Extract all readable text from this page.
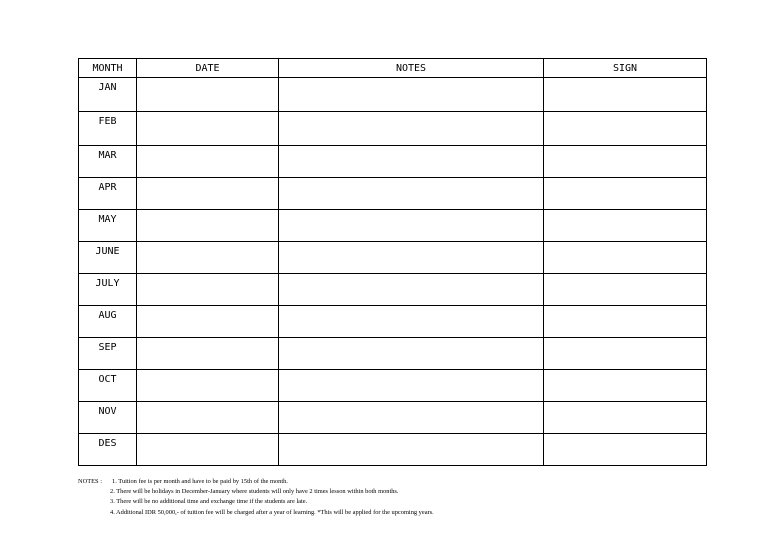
MONTH	DATE	NOTES	SIGN
JAN			
FEB			
MAR			
APR			
MAY			
JUNE			
JULY			
AUG			
SEP			
OCT			
NOV			
DES			
NOTES :	1. Tuition fee is per month and have to be paid by 15th of the month.
2. There will be holidays in December-January where students will only have 2 times lesson within both months.
3. There will be no additional time and exchange time if the students are late.
4. Additional IDR 50,000,- of tuition fee will be charged after a year of learning. *This will be applied for the upcoming years.
